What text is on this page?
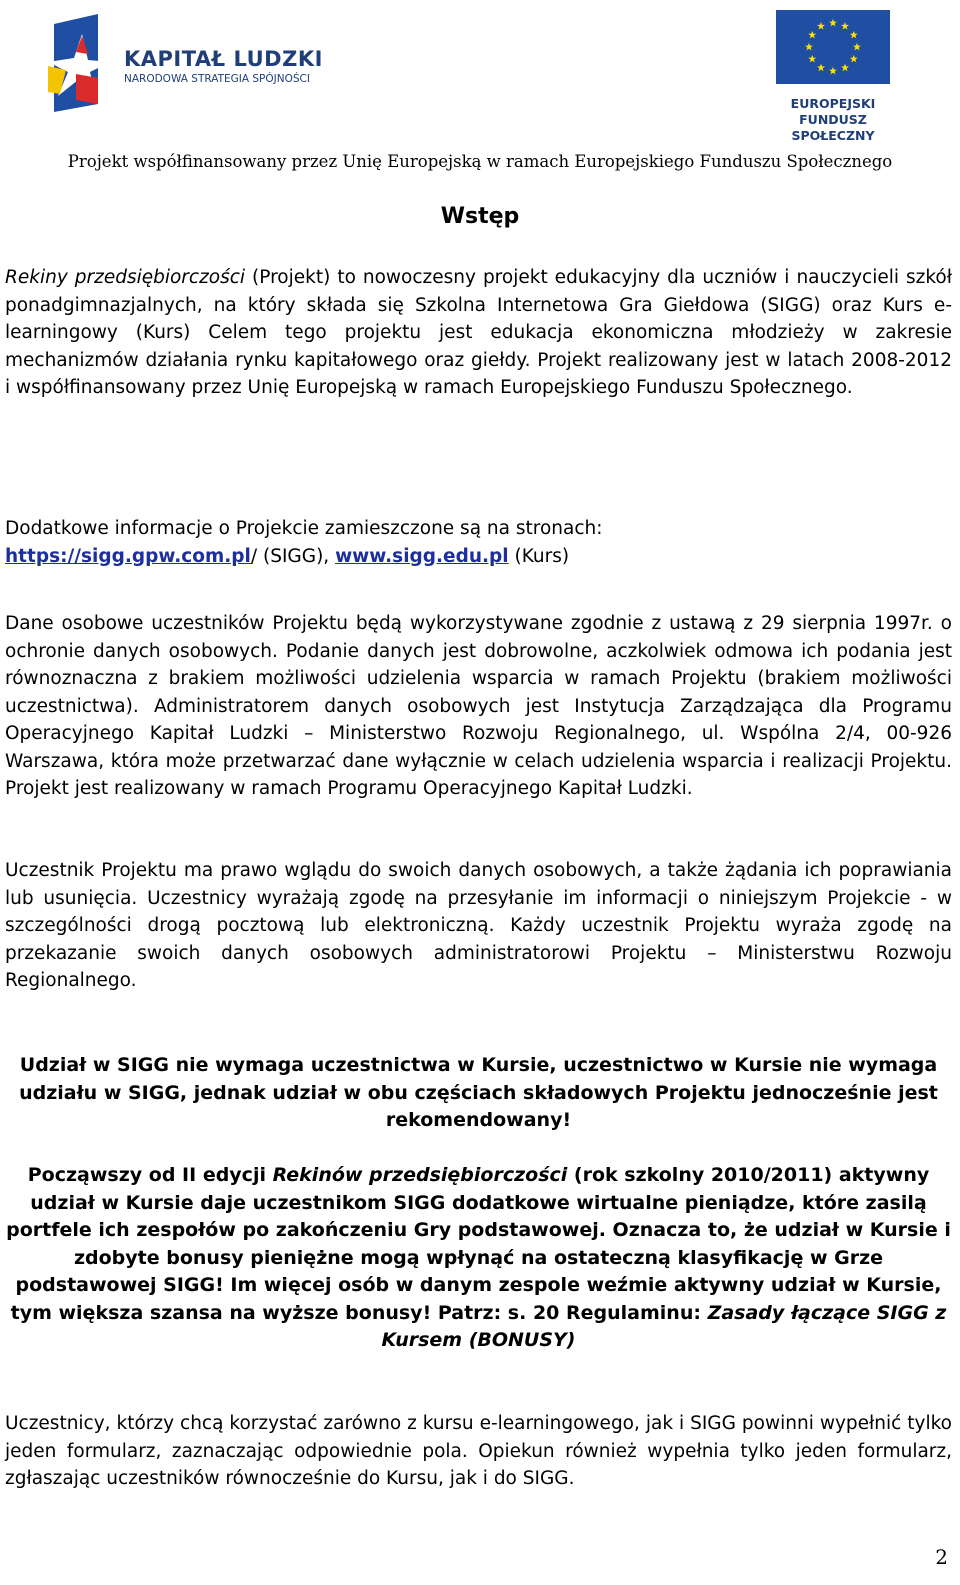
KAPITAŁ LUDZKI
NARODOWA STRATEGIA SPÓJNOŚCI
EUROPEJSKI FUNDUSZ
SPOŁECZNY
Projekt współfinansowany przez Unię Europejską w ramach Europejskiego Funduszu Społecznego
Wstęp

Rekiny przedsiębiorczości (Projekt) to nowoczesny projekt edukacyjny dla uczniów i nauczycieli szkół ponadgimnazjalnych, na który składa się Szkolna Internetowa Gra Giełdowa (SIGG) oraz Kurs e-learningowy (Kurs) Celem tego projektu jest edukacja ekonomiczna młodzieży w zakresie mechanizmów działania rynku kapitałowego oraz giełdy. Projekt realizowany jest w latach 2008-2012 i współfinansowany przez Unię Europejską w ramach Europejskiego Funduszu Społecznego.

Dodatkowe informacje o Projekcie zamieszczone są na stronach:
https://sigg.gpw.com.pl/ (SIGG), www.sigg.edu.pl (Kurs)

Dane osobowe uczestników Projektu będą wykorzystywane zgodnie z ustawą z 29 sierpnia 1997r. o ochronie danych osobowych. Podanie danych jest dobrowolne, aczkolwiek odmowa ich podania jest równoznaczna z brakiem możliwości udzielenia wsparcia w ramach Projektu (brakiem możliwości uczestnictwa). Administratorem danych osobowych jest Instytucja Zarządzająca dla Programu Operacyjnego Kapitał Ludzki – Ministerstwo Rozwoju Regionalnego, ul. Wspólna 2/4, 00-926 Warszawa, która może przetwarzać dane wyłącznie w celach udzielenia wsparcia i realizacji Projektu. Projekt jest realizowany w ramach Programu Operacyjnego Kapitał Ludzki.

Uczestnik Projektu ma prawo wglądu do swoich danych osobowych, a także żądania ich poprawiania lub usunięcia. Uczestnicy wyrażają zgodę na przesyłanie im informacji o niniejszym Projekcie - w szczególności drogą pocztową lub elektroniczną. Każdy uczestnik Projektu wyraża zgodę na przekazanie swoich danych osobowych administratorowi Projektu – Ministerstwu Rozwoju Regionalnego.

Udział w SIGG nie wymaga uczestnictwa w Kursie, uczestnictwo w Kursie nie wymaga udziału w SIGG, jednak udział w obu częściach składowych Projektu jednocześnie jest rekomendowany!

Począwszy od II edycji Rekinów przedsiębiorczości (rok szkolny 2010/2011) aktywny udział w Kursie daje uczestnikom SIGG dodatkowe wirtualne pieniądze, które zasilą portfele ich zespołów po zakończeniu Gry podstawowej. Oznacza to, że udział w Kursie i zdobyte bonusy pieniężne mogą wpłynąć na ostateczną klasyfikację w Grze podstawowej SIGG! Im więcej osób w danym zespole weźmie aktywny udział w Kursie, tym większa szansa na wyższe bonusy! Patrz: s. 20 Regulaminu: Zasady łączące SIGG z Kursem (BONUSY)

Uczestnicy, którzy chcą korzystać zarówno z kursu e-learningowego, jak i SIGG powinni wypełnić tylko jeden formularz, zaznaczając odpowiednie pola. Opiekun również wypełnia tylko jeden formularz, zgłaszając uczestników równocześnie do Kursu, jak i do SIGG.

2
